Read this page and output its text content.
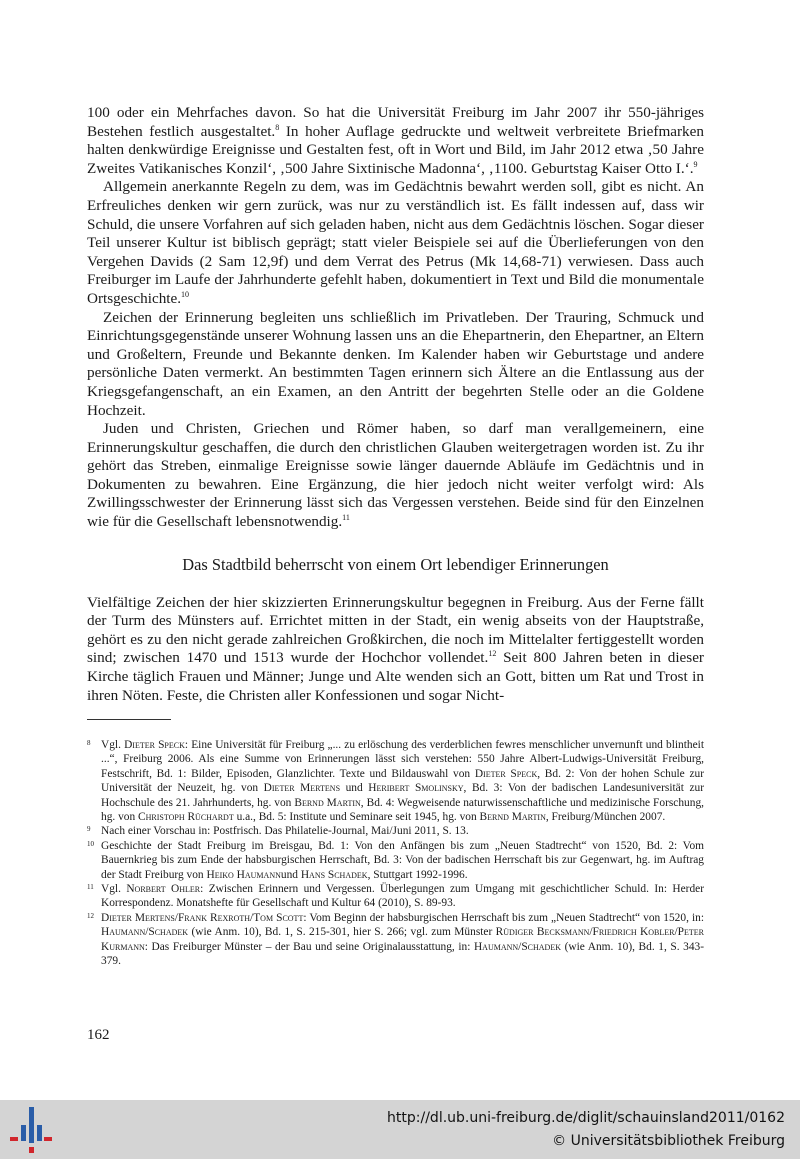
100 oder ein Mehrfaches davon. So hat die Universität Freiburg im Jahr 2007 ihr 550-jähriges Bestehen festlich ausgestaltet.$^8$ In hoher Auflage gedruckte und weltweit verbreitete Briefmarken halten denkwürdige Ereignisse und Gestalten fest, oft in Wort und Bild, im Jahr 2012 etwa ‚50 Jahre Zweites Vatikanisches Konzil‘, ‚500 Jahre Sixtinische Madonna‘, ‚1100. Geburtstag Kaiser Otto I.‘.$^9$

Allgemein anerkannte Regeln zu dem, was im Gedächtnis bewahrt werden soll, gibt es nicht. An Erfreuliches denken wir gern zurück, was nur zu verständlich ist. Es fällt indessen auf, dass wir Schuld, die unsere Vorfahren auf sich geladen haben, nicht aus dem Gedächtnis löschen. Sogar dieser Teil unserer Kultur ist biblisch geprägt; statt vieler Beispiele sei auf die Überlieferungen von den Vergehen Davids (2 Sam 12,9f) und dem Verrat des Petrus (Mk 14,68-71) verwiesen. Dass auch Freiburger im Laufe der Jahrhunderte gefehlt haben, dokumentiert in Text und Bild die monumentale Ortsgeschichte.$^{10}$

Zeichen der Erinnerung begleiten uns schließlich im Privatleben. Der Trauring, Schmuck und Einrichtungsgegenstände unserer Wohnung lassen uns an die Ehepartnerin, den Ehepartner, an Eltern und Großeltern, Freunde und Bekannte denken. Im Kalender haben wir Geburtstage und andere persönliche Daten vermerkt. An bestimmten Tagen erinnern sich Ältere an die Entlassung aus der Kriegsgefangenschaft, an ein Examen, an den Antritt der begehrten Stelle oder an die Goldene Hochzeit.

Juden und Christen, Griechen und Römer haben, so darf man verallgemeinern, eine Erinnerungskultur geschaffen, die durch den christlichen Glauben weitergetragen worden ist. Zu ihr gehört das Streben, einmalige Ereignisse sowie länger dauernde Abläufe im Gedächtnis und in Dokumenten zu bewahren. Eine Ergänzung, die hier jedoch nicht weiter verfolgt wird: Als Zwillingsschwester der Erinnerung lässt sich das Vergessen verstehen. Beide sind für den Einzelnen wie für die Gesellschaft lebensnotwendig.$^{11}$

Das Stadtbild beherrscht von einem Ort lebendiger Erinnerungen

Vielfältige Zeichen der hier skizzierten Erinnerungskultur begegnen in Freiburg. Aus der Ferne fällt der Turm des Münsters auf. Errichtet mitten in der Stadt, ein wenig abseits von der Hauptstraße, gehört es zu den nicht gerade zahlreichen Großkirchen, die noch im Mittelalter fertiggestellt worden sind; zwischen 1470 und 1513 wurde der Hochchor vollendet.$^{12}$ Seit 800 Jahren beten in dieser Kirche täglich Frauen und Männer; Junge und Alte wenden sich an Gott, bitten um Rat und Trost in ihren Nöten. Feste, die Christen aller Konfessionen und sogar Nicht-

8 Vgl. Dieter Speck: Eine Universität für Freiburg „... zu erlöschung des verderblichen fewres menschlicher unvernunft und blintheit ...“, Freiburg 2006. Als eine Summe von Erinnerungen lässt sich verstehen: 550 Jahre Albert-Ludwigs-Universität Freiburg, Festschrift, Bd. 1: Bilder, Episoden, Glanzlichter. Texte und Bildauswahl von Dieter Speck, Bd. 2: Von der hohen Schule zur Universität der Neuzeit, hg. von Dieter Mertens und Heribert Smolinsky, Bd. 3: Von der badischen Landesuniversität zur Hochschule des 21. Jahrhunderts, hg. von Bernd Martin, Bd. 4: Wegweisende naturwissenschaftliche und medizinische Forschung, hg. von Christoph Rüchardt u.a., Bd. 5: Institute und Seminare seit 1945, hg. von Bernd Martin, Freiburg/München 2007.

9 Nach einer Vorschau in: Postfrisch. Das Philatelie-Journal, Mai/Juni 2011, S. 13.

10 Geschichte der Stadt Freiburg im Breisgau, Bd. 1: Von den Anfängen bis zum „Neuen Stadtrecht“ von 1520, Bd. 2: Vom Bauernkrieg bis zum Ende der habsburgischen Herrschaft, Bd. 3: Von der badischen Herrschaft bis zur Gegenwart, hg. im Auftrag der Stadt Freiburg von Heiko Haumannund Hans Schadek, Stuttgart 1992-1996.

11 Vgl. Norbert Ohler: Zwischen Erinnern und Vergessen. Überlegungen zum Umgang mit geschichtlicher Schuld. In: Herder Korrespondenz. Monatshefte für Gesellschaft und Kultur 64 (2010), S. 89-93.

12 Dieter Mertens/Frank Rexroth/Tom Scott: Vom Beginn der habsburgischen Herrschaft bis zum „Neuen Stadtrecht“ von 1520, in: Haumann/Schadek (wie Anm. 10), Bd. 1, S. 215-301, hier S. 266; vgl. zum Münster Rüdiger Becksmann/Friedrich Kobler/Peter Kurmann: Das Freiburger Münster – der Bau und seine Originalausstattung, in: Haumann/Schadek (wie Anm. 10), Bd. 1, S. 343-379.

162
http://dl.ub.uni-freiburg.de/diglit/schauinsland2011/0162
© Universitätsbibliothek Freiburg
